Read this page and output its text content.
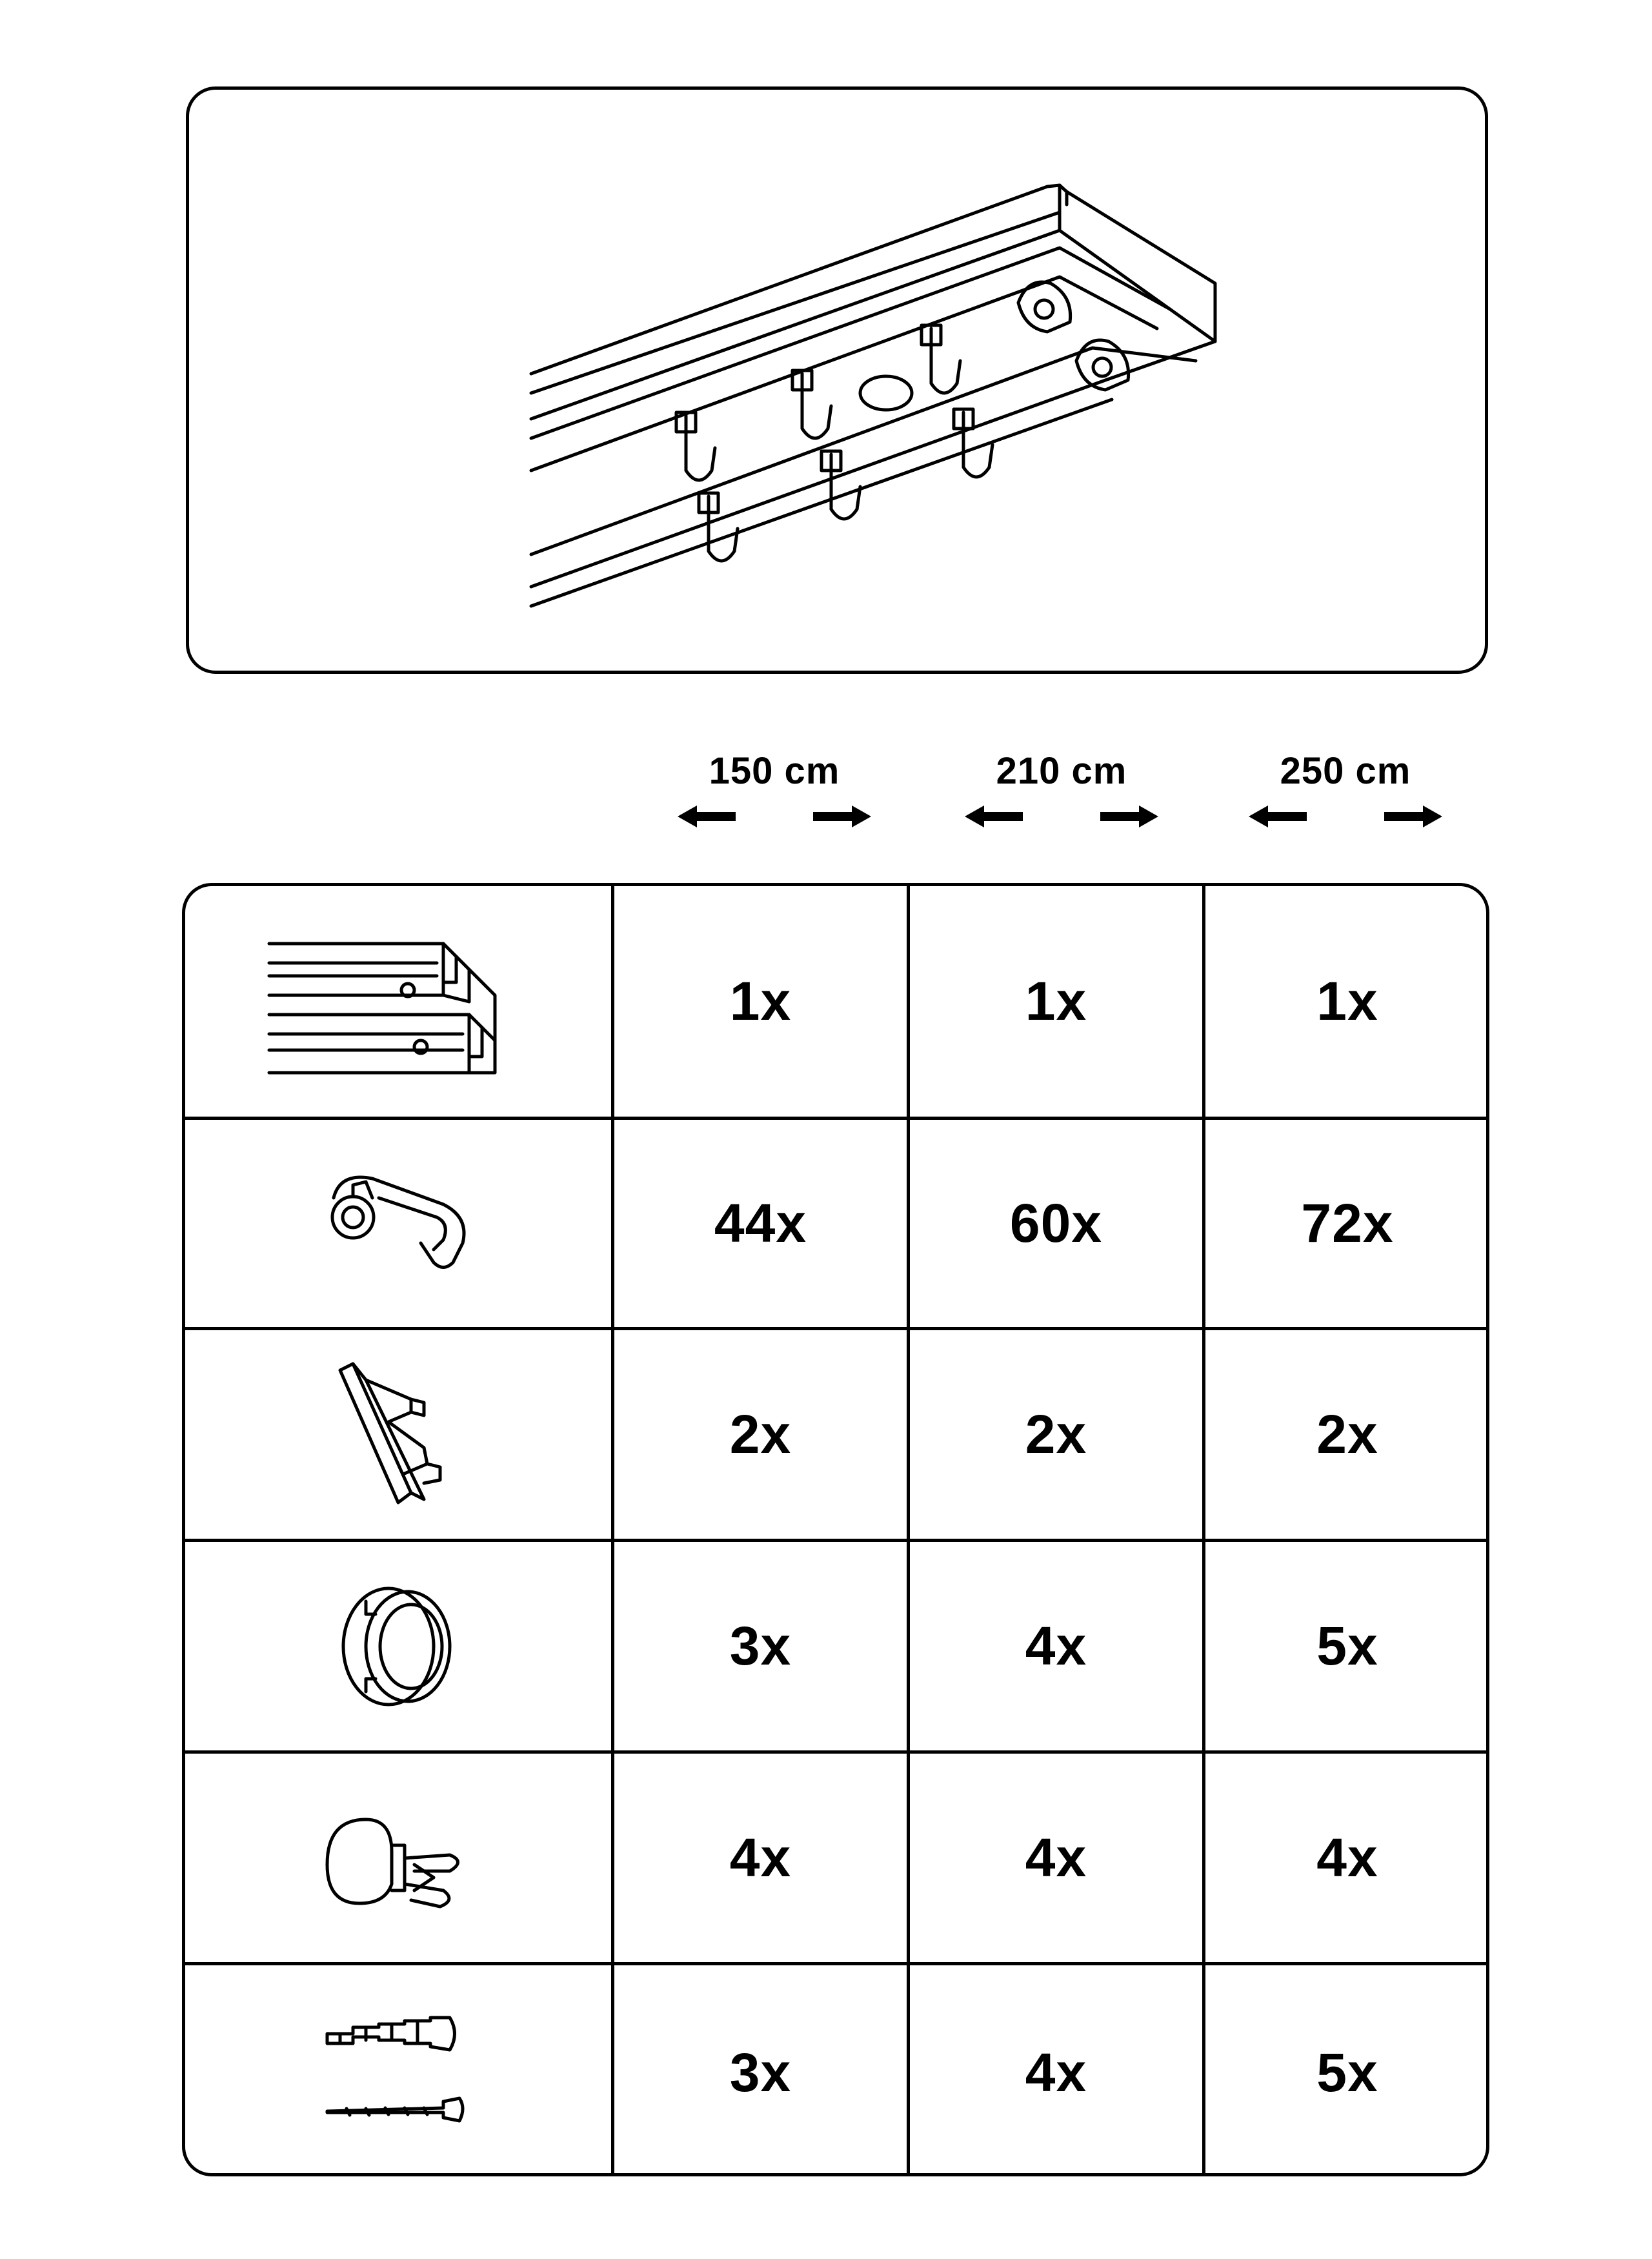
150 cm	210 cm	250 cm
1x	1x	1x
44x	60x	72x
2x	2x	2x
3x	4x	5x
4x	4x	4x
3x	4x	5x
